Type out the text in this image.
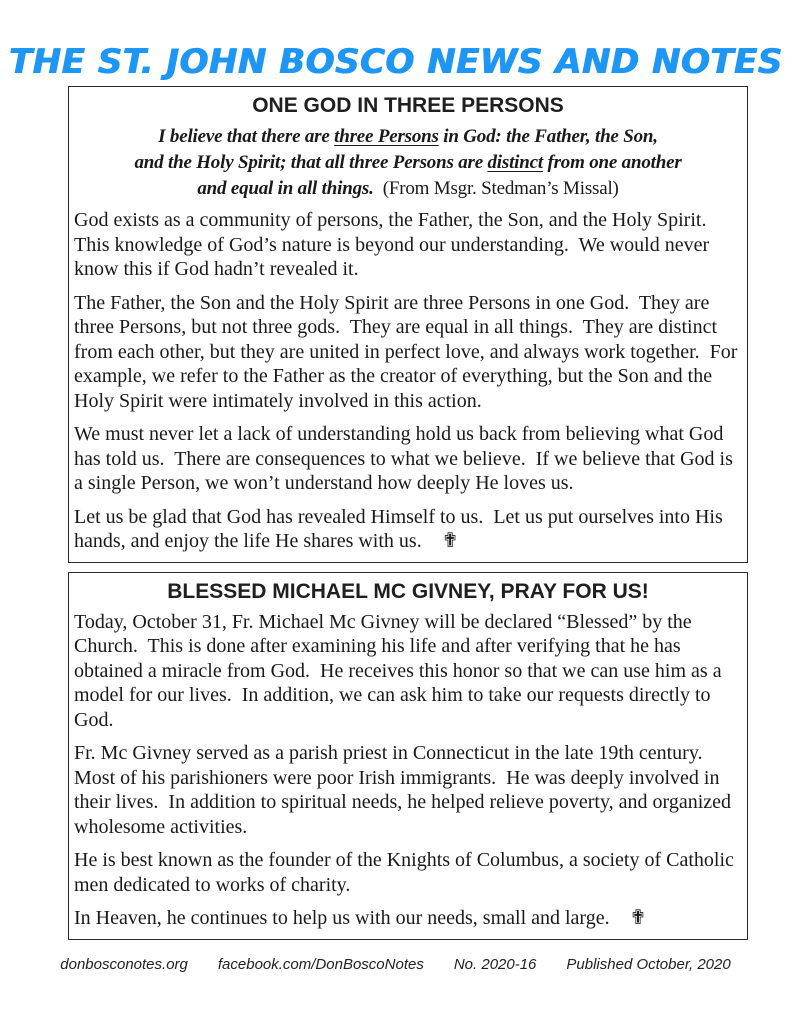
THE ST. JOHN BOSCO NEWS AND NOTES
ONE GOD IN THREE PERSONS
I believe that there are three Persons in God: the Father, the Son,
and the Holy Spirit; that all three Persons are distinct from one another
and equal in all things.  (From Msgr. Stedman’s Missal)

God exists as a community of persons, the Father, the Son, and the Holy Spirit.  This knowledge of God’s nature is beyond our understanding.  We would never know this if God hadn’t revealed it.

The Father, the Son and the Holy Spirit are three Persons in one God.  They are three Persons, but not three gods.  They are equal in all things.  They are distinct from each other, but they are united in perfect love, and always work together.  For example, we refer to the Father as the creator of everything, but the Son and the Holy Spirit were intimately involved in this action.

We must never let a lack of understanding hold us back from believing what God has told us.  There are consequences to what we believe.  If we believe that God is a single Person, we won’t understand how deeply He loves us.

Let us be glad that God has revealed Himself to us.  Let us put ourselves into His hands, and enjoy the life He shares with us.    ✟

BLESSED MICHAEL MC GIVNEY, PRAY FOR US!

Today, October 31, Fr. Michael Mc Givney will be declared “Blessed” by the Church.  This is done after examining his life and after verifying that he has obtained a miracle from God.  He receives this honor so that we can use him as a model for our lives.  In addition, we can ask him to take our requests directly to God.

Fr. Mc Givney served as a parish priest in Connecticut in the late 19th century.  Most of his parishioners were poor Irish immigrants.  He was deeply involved in their lives.  In addition to spiritual needs, he helped relieve poverty, and organized wholesome activities.

He is best known as the founder of the Knights of Columbus, a society of Catholic men dedicated to works of charity.

In Heaven, he continues to help us with our needs, small and large.    ✟

donbosconotes.org facebook.com/DonBoscoNotes No. 2020-16 Published October, 2020
